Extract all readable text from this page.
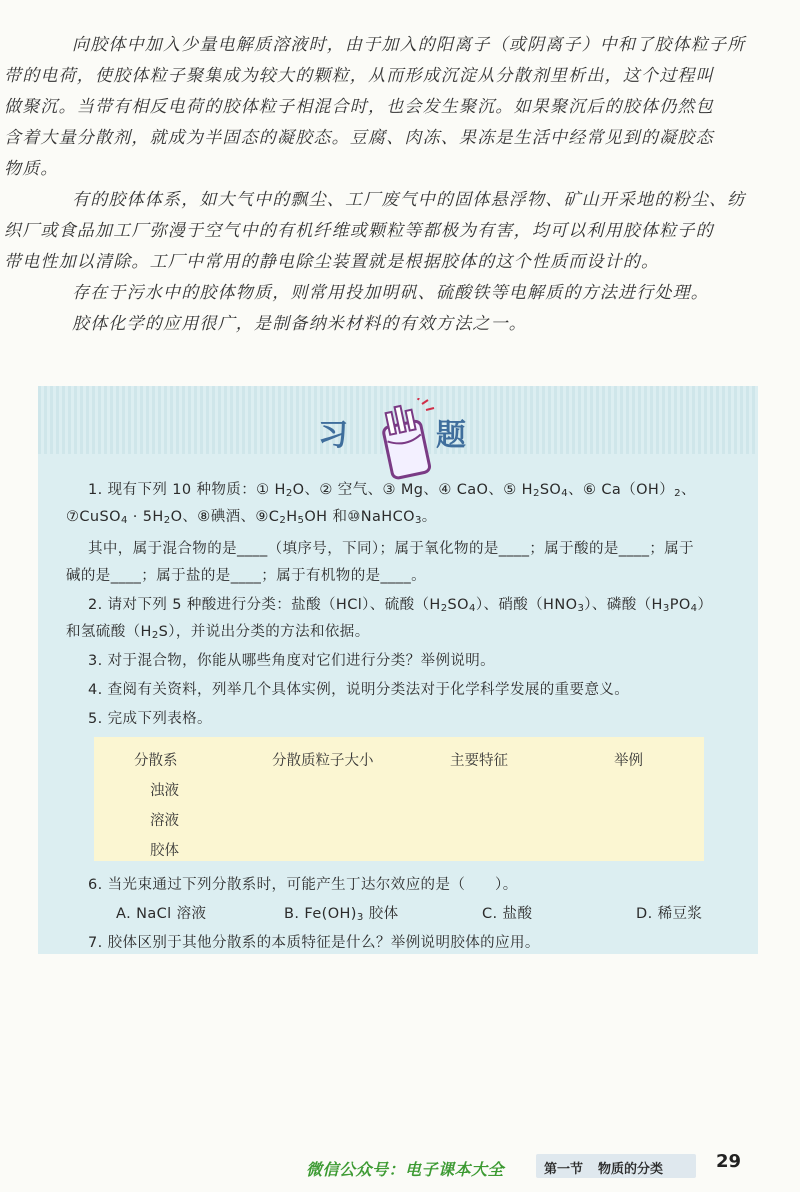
向胶体中加入少量电解质溶液时，由于加入的阳离子（或阴离子）中和了胶体粒子所
带的电荷，使胶体粒子聚集成为较大的颗粒，从而形成沉淀从分散剂里析出，这个过程叫
做聚沉。当带有相反电荷的胶体粒子相混合时，也会发生聚沉。如果聚沉后的胶体仍然包
含着大量分散剂，就成为半固态的凝胶态。豆腐、肉冻、果冻是生活中经常见到的凝胶态
物质。

有的胶体体系，如大气中的飘尘、工厂废气中的固体悬浮物、矿山开采地的粉尘、纺
织厂或食品加工厂弥漫于空气中的有机纤维或颗粒等都极为有害，均可以利用胶体粒子的
带电性加以清除。工厂中常用的静电除尘装置就是根据胶体的这个性质而设计的。

存在于污水中的胶体物质，则常用投加明矾、硫酸铁等电解质的方法进行处理。

胶体化学的应用很广，是制备纳米材料的有效方法之一。

习	题
1. 现有下列 10 种物质：① $H_2O$、② 空气、③ Mg、④ CaO、⑤ $H_2SO_4$、⑥ $Ca(OH)_2$、
⑦CuSO$_4$ · $5H_2O$、⑧碘酒、$⑨C_2H_5OH$ 和⑩NaHCO$_3$。
其中，属于混合物的是____（填序号，下同）；属于氧化物的是____；属于酸的是____；属于
碱的是____；属于盐的是____；属于有机物的是____。
2. 请对下列 5 种酸进行分类：盐酸（HCl）、硫酸$(H_2SO_4)$、硝酸$(HNO_3)$、磷酸$(H_3PO_4)$
和氢硫酸$(H_2S)$，并说出分类的方法和依据。
3. 对于混合物，你能从哪些角度对它们进行分类？举例说明。
4. 查阅有关资料，列举几个具体实例，说明分类法对于化学科学发展的重要意义。
5. 完成下列表格。
分散系	分散质粒子大小	主要特征	举例
浊液
溶液
胶体
6. 当光束通过下列分散系时，可能产生丁达尔效应的是（　　）。
A. NaCl 溶液	B. $Fe(OH)_3$ 胶体	C. 盐酸	D. 稀豆浆
7. 胶体区别于其他分散系的本质特征是什么？举例说明胶体的应用。
微信公众号：电子课本大全	第一节 物质的分类	29
